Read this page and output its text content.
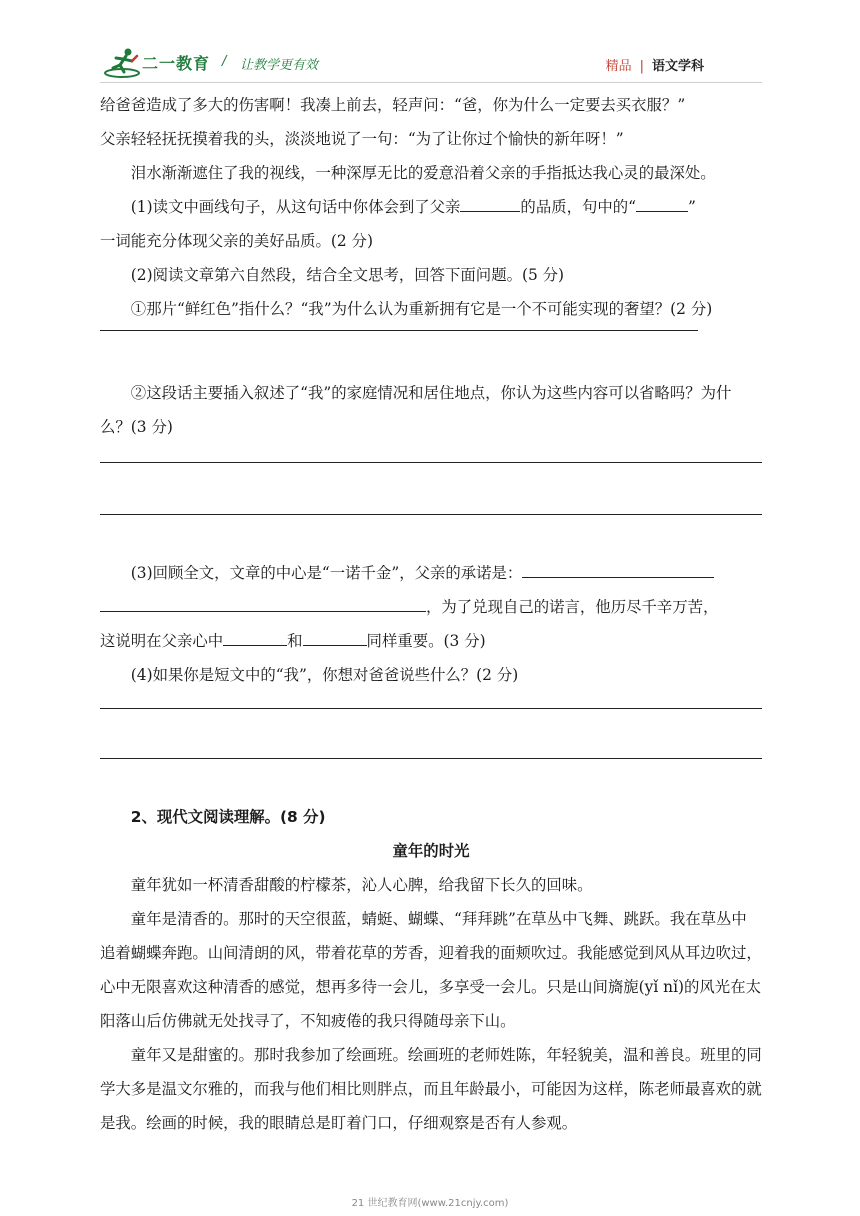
二一教育 / 让教学更有效	精品 | 语文学科

给爸爸造成了多大的伤害啊！我凑上前去，轻声问：“爸，你为什么一定要去买衣服？”

父亲轻轻抚抚摸着我的头，淡淡地说了一句：“为了让你过个愉快的新年呀！”

泪水渐渐遮住了我的视线，一种深厚无比的爱意沿着父亲的手指抵达我心灵的最深处。

(1)读文中画线句子，从这句话中你体会到了父亲	的品质，句中的“	”

一词能充分体现父亲的美好品质。(2 分)

(2)阅读文章第六自然段，结合全文思考，回答下面问题。(5 分)

①那片“鲜红色”指什么？“我”为什么认为重新拥有它是一个不可能实现的奢望？(2 分)

②这段话主要插入叙述了“我”的家庭情况和居住地点，你认为这些内容可以省略吗？为什么？(3 分)

(3)回顾全文，文章的中心是“一诺千金”，父亲的承诺是：

，为了兑现自己的诺言，他历尽千辛万苦，

这说明在父亲心中	和	同样重要。(3 分)

(4)如果你是短文中的“我”，你想对爸爸说些什么？(2 分)

2、现代文阅读理解。(8 分)

童年的时光

童年犹如一杯清香甜酸的柠檬茶，沁人心脾，给我留下长久的回味。

童年是清香的。那时的天空很蓝，蜻蜓、蝴蝶、“拜拜跳”在草丛中飞舞、跳跃。我在草丛中追着蝴蝶奔跑。山间清朗的风，带着花草的芳香，迎着我的面颊吹过。我能感觉到风从耳边吹过，心中无限喜欢这种清香的感觉，想再多待一会儿，多享受一会儿。只是山间旖旎(yǐ nǐ)的风光在太阳落山后仿佛就无处找寻了，不知疲倦的我只得随母亲下山。

童年又是甜蜜的。那时我参加了绘画班。绘画班的老师姓陈，年轻貌美，温和善良。班里的同学大多是温文尔雅的，而我与他们相比则胖点，而且年龄最小，可能因为这样，陈老师最喜欢的就是我。绘画的时候，我的眼睛总是盯着门口，仔细观察是否有人参观。

21 世纪教育网(www.21cnjy.com)
